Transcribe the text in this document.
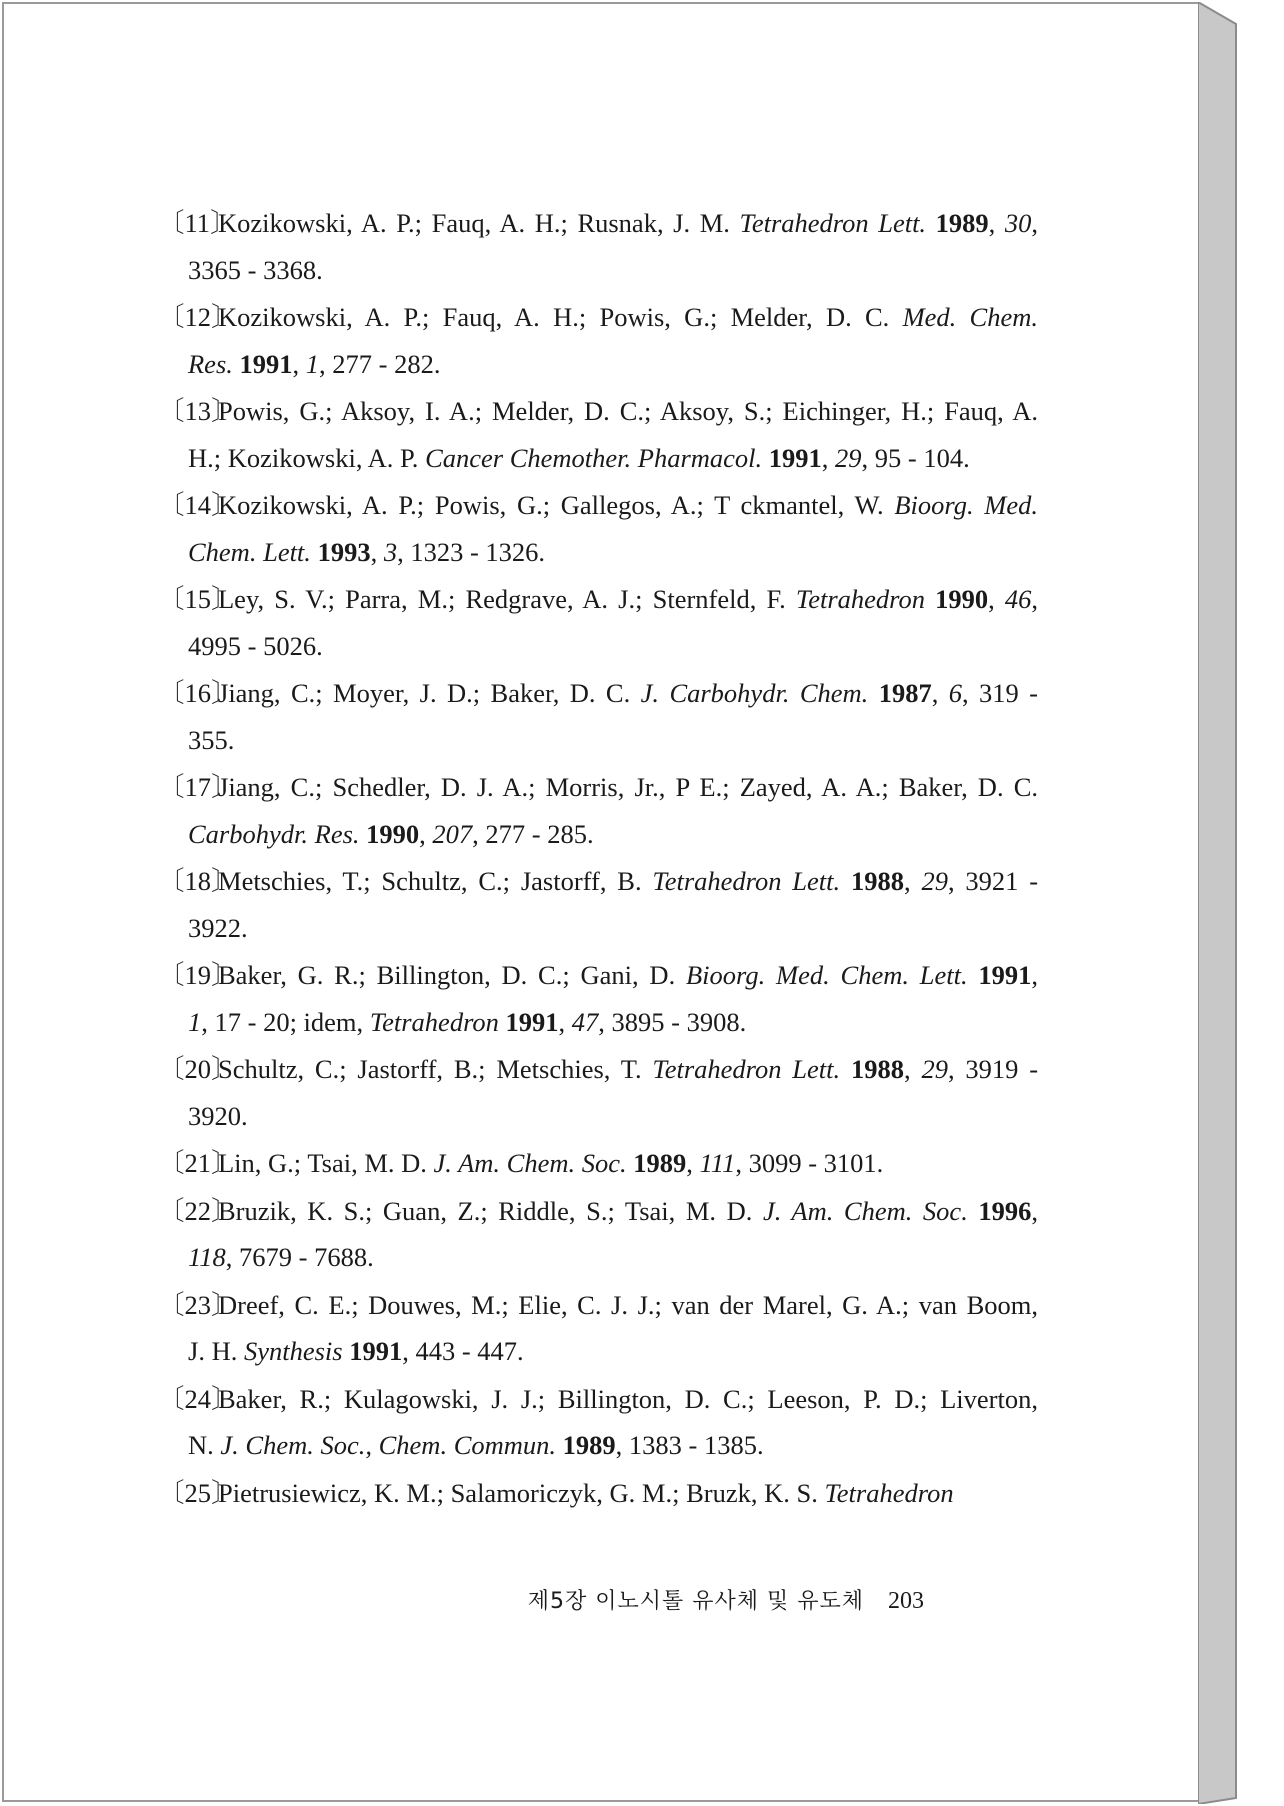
〔11〕
Kozikowski, A. P.; Fauq, A. H.; Rusnak, J. M. Tetrahedron Lett. 1989, 30,
3365 - 3368.
〔12〕
Kozikowski, A. P.; Fauq, A. H.; Powis, G.; Melder, D. C. Med. Chem.
Res. 1991, 1, 277 - 282.
〔13〕
Powis, G.; Aksoy, I. A.; Melder, D. C.; Aksoy, S.; Eichinger, H.; Fauq, A.
H.; Kozikowski, A. P. Cancer Chemother. Pharmacol. 1991, 29, 95 - 104.
〔14〕
Kozikowski, A. P.; Powis, G.; Gallegos, A.; T ckmantel, W. Bioorg. Med.
Chem. Lett. 1993, 3, 1323 - 1326.
〔15〕
Ley, S. V.; Parra, M.; Redgrave, A. J.; Sternfeld, F. Tetrahedron 1990, 46,
4995 - 5026.
〔16〕
Jiang, C.; Moyer, J. D.; Baker, D. C. J. Carbohydr. Chem. 1987, 6, 319 -
355.
〔17〕
Jiang, C.; Schedler, D. J. A.; Morris, Jr., P E.; Zayed, A. A.; Baker, D. C.
Carbohydr. Res. 1990, 207, 277 - 285.
〔18〕
Metschies, T.; Schultz, C.; Jastorff, B. Tetrahedron Lett. 1988, 29, 3921 -
3922.
〔19〕
Baker, G. R.; Billington, D. C.; Gani, D. Bioorg. Med. Chem. Lett. 1991,
1, 17 - 20; idem, Tetrahedron 1991, 47, 3895 - 3908.
〔20〕
Schultz, C.; Jastorff, B.; Metschies, T. Tetrahedron Lett. 1988, 29, 3919 -
3920.
〔21〕
Lin, G.; Tsai, M. D. J. Am. Chem. Soc. 1989, 111, 3099 - 3101.
〔22〕
Bruzik, K. S.; Guan, Z.; Riddle, S.; Tsai, M. D. J. Am. Chem. Soc. 1996,
118, 7679 - 7688.
〔23〕
Dreef, C. E.; Douwes, M.; Elie, C. J. J.; van der Marel, G. A.; van Boom,
J. H. Synthesis 1991, 443 - 447.
〔24〕
Baker, R.; Kulagowski, J. J.; Billington, D. C.; Leeson, P. D.; Liverton,
N. J. Chem. Soc., Chem. Commun. 1989, 1383 - 1385.
〔25〕
Pietrusiewicz, K. M.; Salamoriczyk, G. M.; Bruzk, K. S. Tetrahedron
제5장 이노시톨 유사체 및 유도체 203
